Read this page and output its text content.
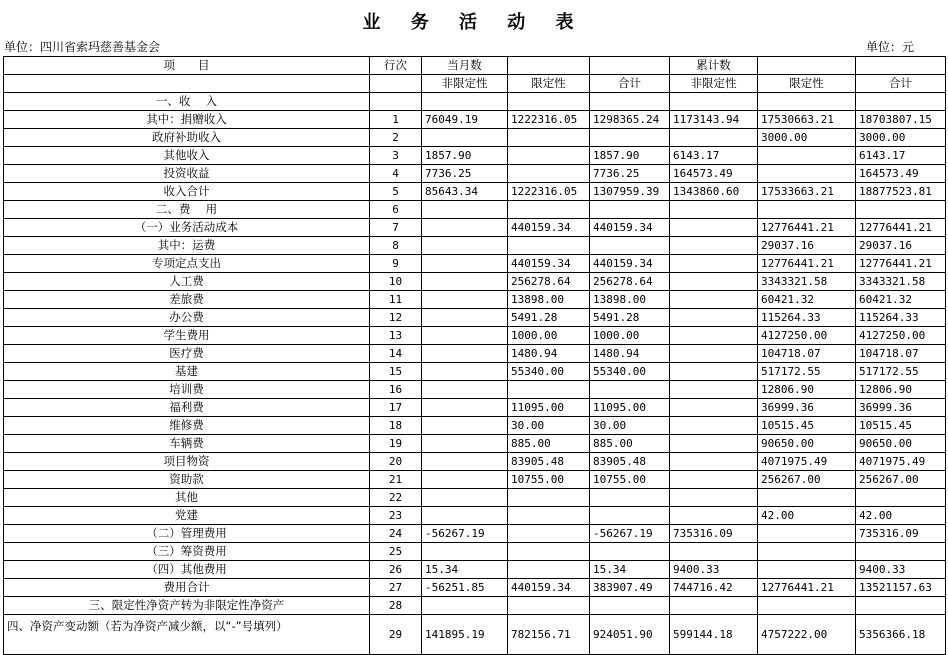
业 务 活 动 表
单位：四川省索玛慈善基金会	单位：元
项　　目	行次	当月数			累计数		
		非限定性	限定性	合计	非限定性	限定性	合计
一、收　 入							
其中：捐赠收入	1	76049.19	1222316.05	1298365.24	1173143.94	17530663.21	18703807.15
政府补助收入	2					3000.00	3000.00
其他收入	3	1857.90		1857.90	6143.17		6143.17
投资收益	4	7736.25		7736.25	164573.49		164573.49
收入合计	5	85643.34	1222316.05	1307959.39	1343860.60	17533663.21	18877523.81
二、费　 用	6						
（一）业务活动成本	7		440159.34	440159.34		12776441.21	12776441.21
其中：运费	8					29037.16	29037.16
专项定点支出	9		440159.34	440159.34		12776441.21	12776441.21
人工费	10		256278.64	256278.64		3343321.58	3343321.58
差旅费	11		13898.00	13898.00		60421.32	60421.32
办公费	12		5491.28	5491.28		115264.33	115264.33
学生费用	13		1000.00	1000.00		4127250.00	4127250.00
医疗费	14		1480.94	1480.94		104718.07	104718.07
基建	15		55340.00	55340.00		517172.55	517172.55
培训费	16					12806.90	12806.90
福利费	17		11095.00	11095.00		36999.36	36999.36
维修费	18		30.00	30.00		10515.45	10515.45
车辆费	19		885.00	885.00		90650.00	90650.00
项目物资	20		83905.48	83905.48		4071975.49	4071975.49
资助款	21		10755.00	10755.00		256267.00	256267.00
其他	22						
党建	23					42.00	42.00
（二）管理费用	24	-56267.19		-56267.19	735316.09		735316.09
（三）筹资费用	25						
（四）其他费用	26	15.34		15.34	9400.33		9400.33
费用合计	27	-56251.85	440159.34	383907.49	744716.42	12776441.21	13521157.63
三、限定性净资产转为非限定性净资产	28						
四、净资产变动额（若为净资产减少额，以“-”号填列）	29	141895.19	782156.71	924051.90	599144.18	4757222.00	5356366.18
